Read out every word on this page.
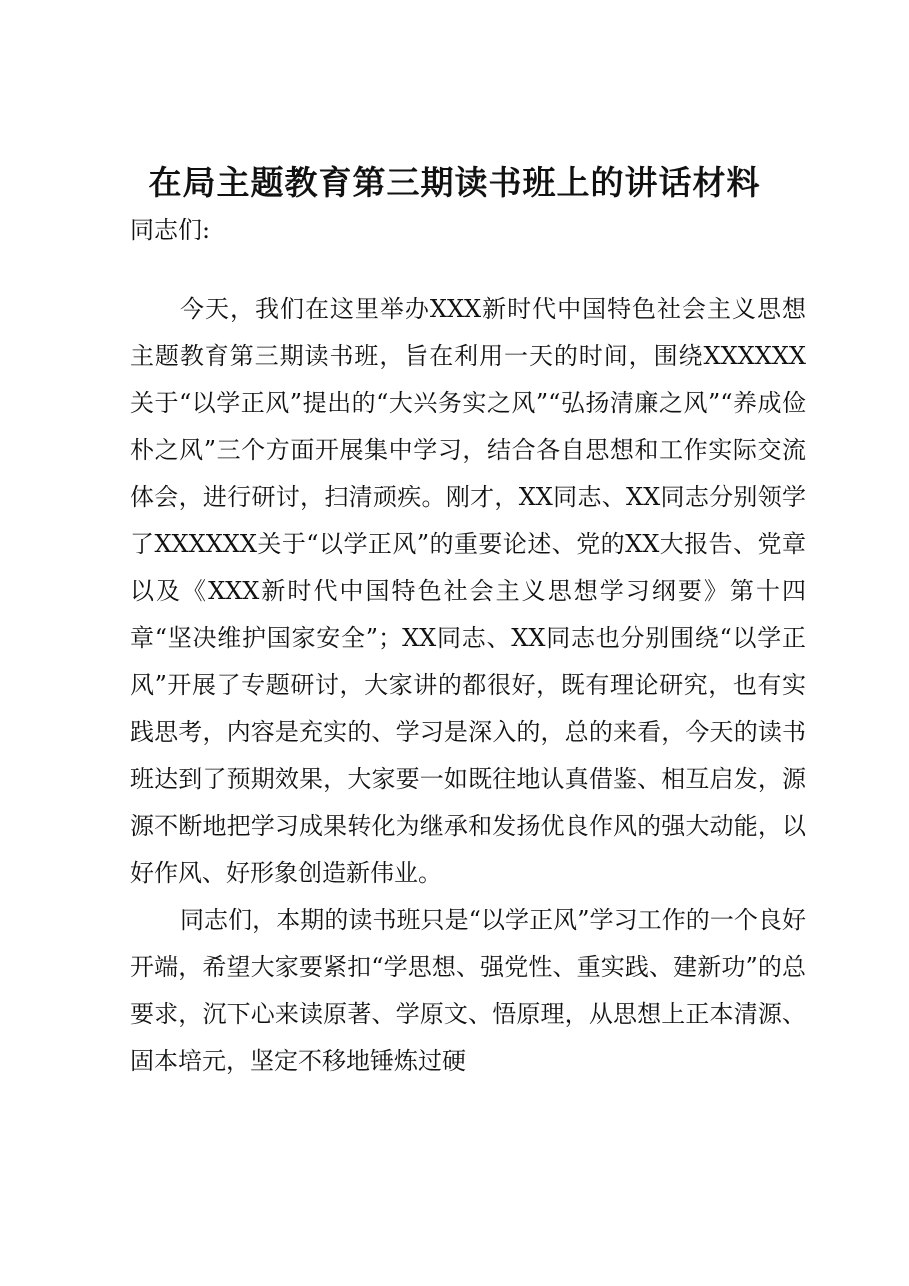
在局主题教育第三期读书班上的讲话材料

同志们:

今天，我们在这里举办XXX新时代中国特色社会主义思想主题教育第三期读书班，旨在利用一天的时间，围绕XXXXXX关于“以学正风”提出的“大兴务实之风”“弘扬清廉之风”“养成俭朴之风”三个方面开展集中学习，结合各自思想和工作实际交流体会，进行研讨，扫清顽疾。刚才，XX同志、XX同志分别领学了XXXXXX关于“以学正风”的重要论述、党的XX大报告、党章以及《XXX新时代中国特色社会主义思想学习纲要》第十四章“坚决维护国家安全”；XX同志、XX同志也分别围绕“以学正风”开展了专题研讨，大家讲的都很好，既有理论研究，也有实践思考，内容是充实的、学习是深入的，总的来看，今天的读书班达到了预期效果，大家要一如既往地认真借鉴、相互启发，源源不断地把学习成果转化为继承和发扬优良作风的强大动能，以好作风、好形象创造新伟业。

同志们，本期的读书班只是“以学正风”学习工作的一个良好开端，希望大家要紧扣“学思想、强党性、重实践、建新功”的总要求，沉下心来读原著、学原文、悟原理，从思想上正本清源、固本培元，坚定不移地锤炼过硬
